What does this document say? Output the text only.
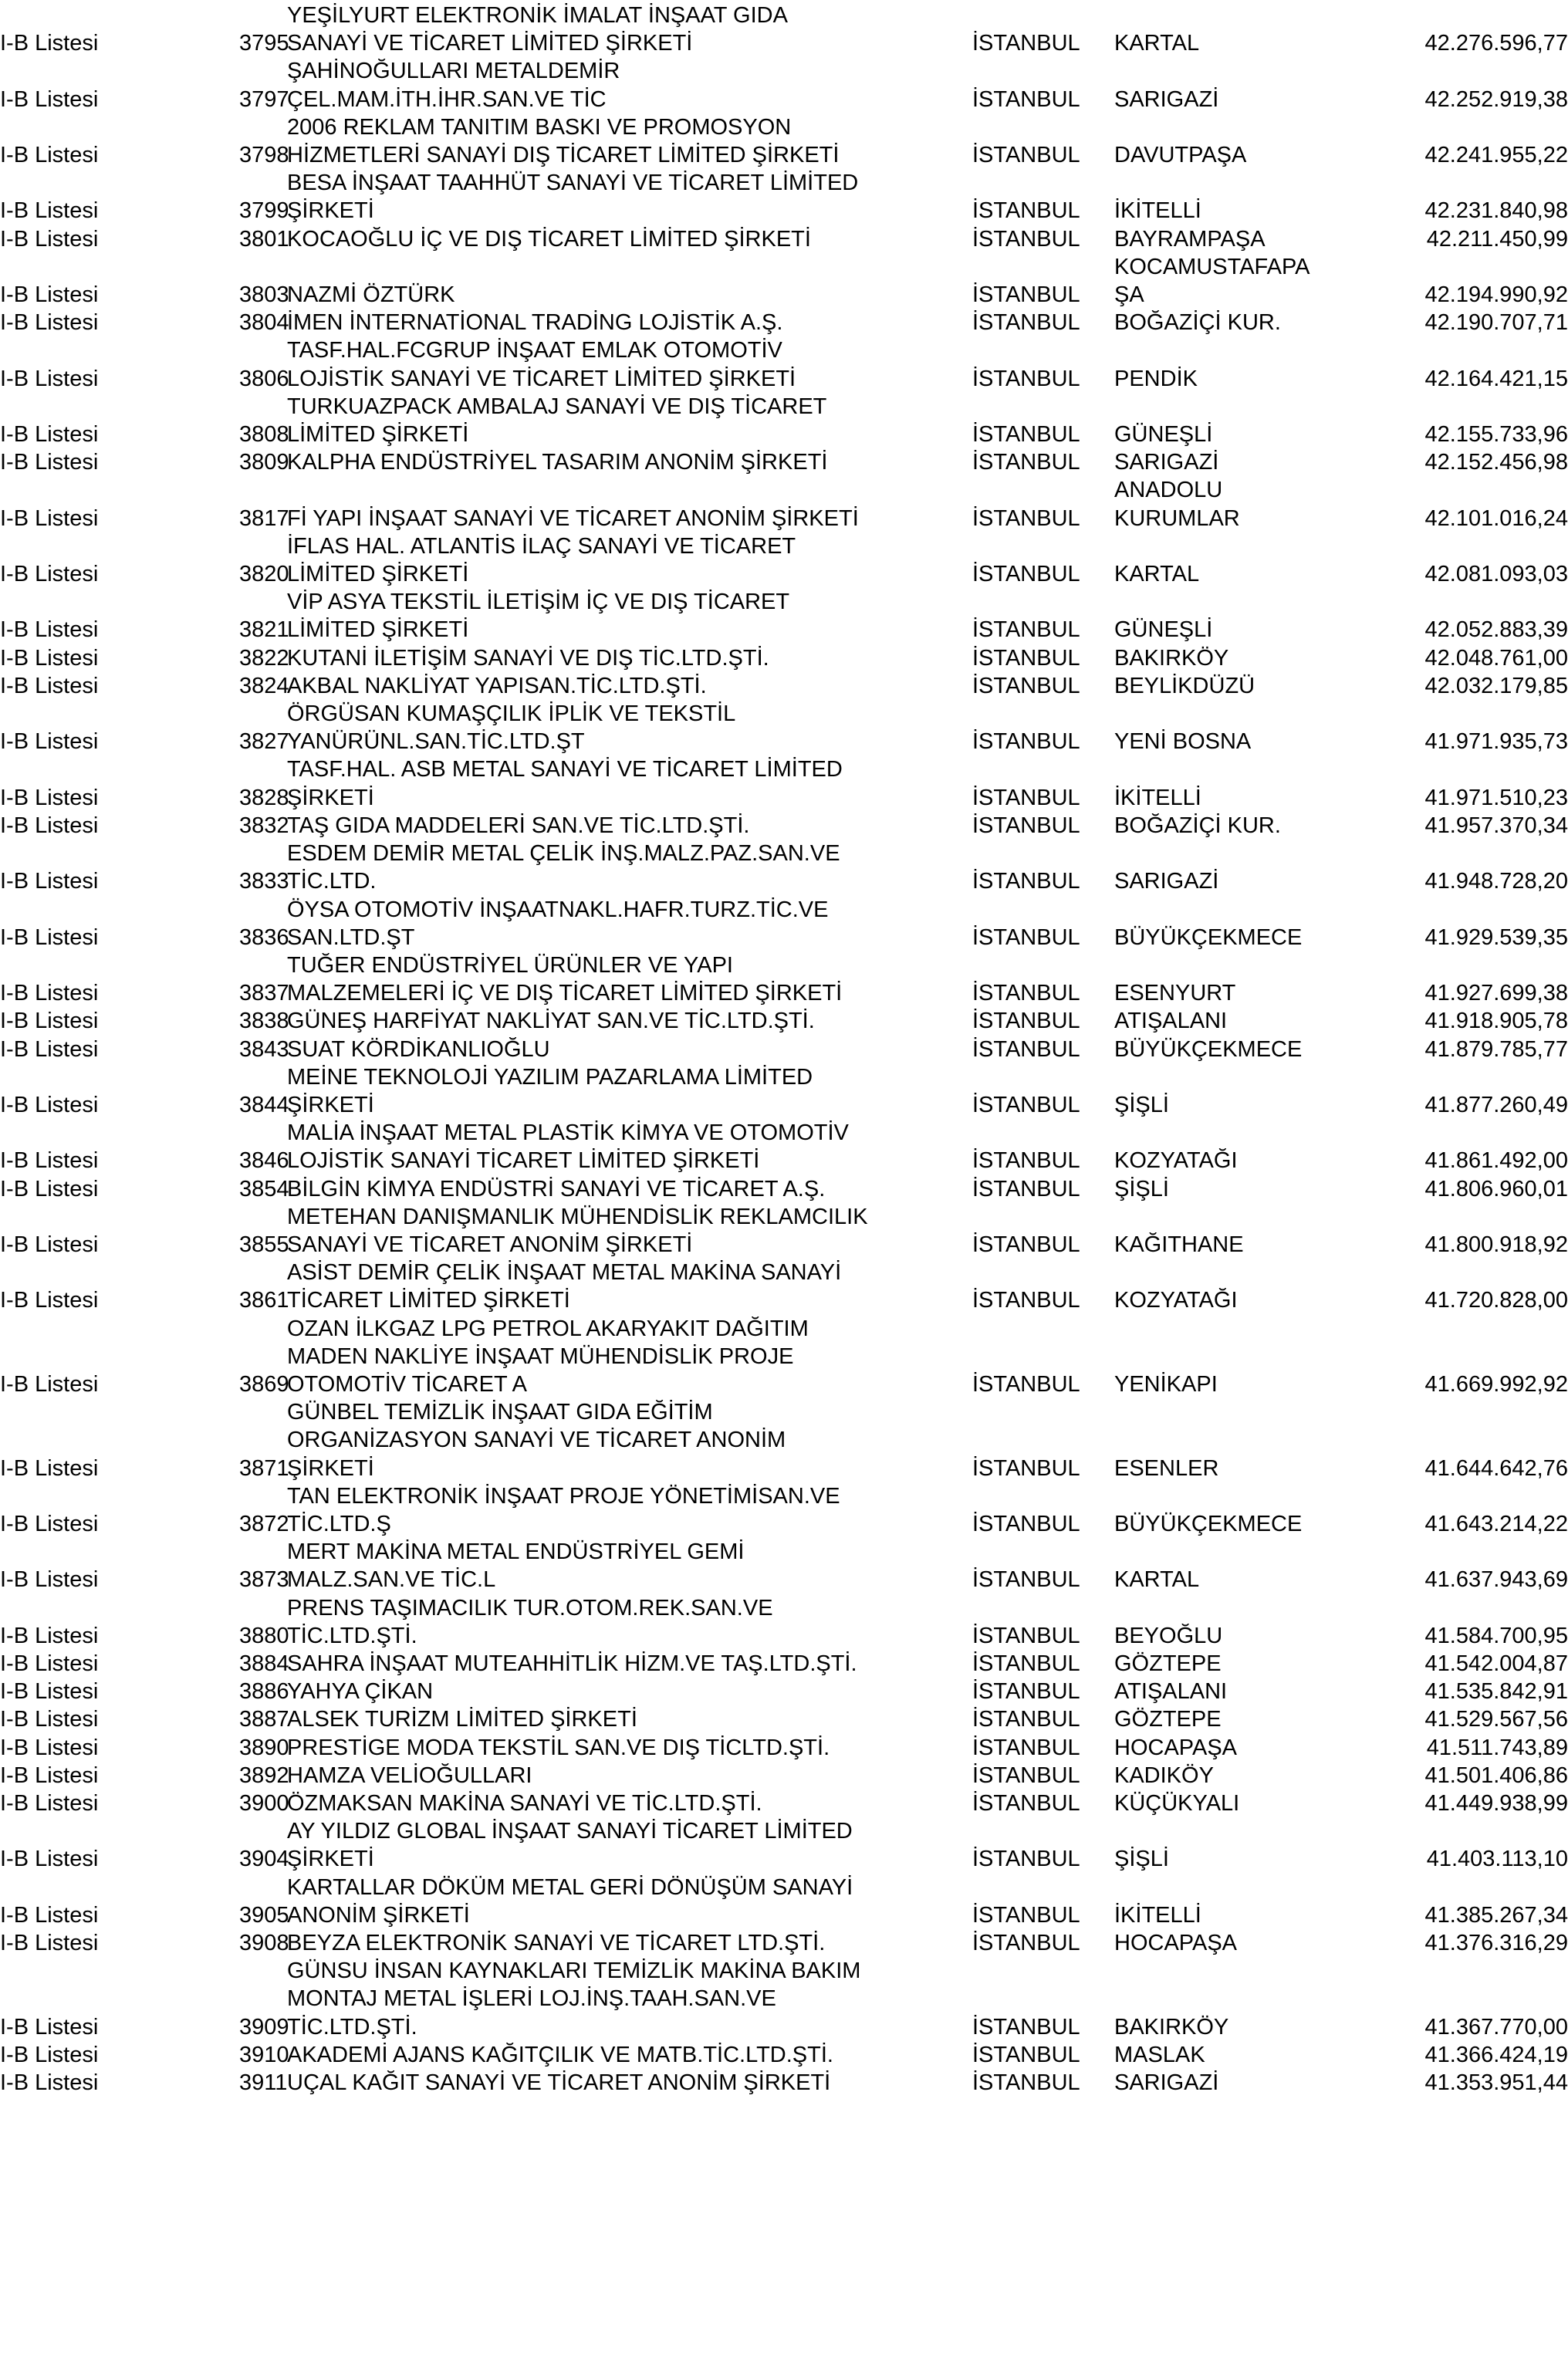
I-B Listesi	3795	YEŞİLYURT ELEKTRONİK İMALAT İNŞAAT GIDA
SANAYİ VE TİCARET LİMİTED ŞİRKETİ	İSTANBUL	KARTAL	42.276.596,77
I-B Listesi	3797	ŞAHİNOĞULLARI METALDEMİR
ÇEL.MAM.İTH.İHR.SAN.VE TİC	İSTANBUL	SARIGAZİ	42.252.919,38
I-B Listesi	3798	2006 REKLAM TANITIM BASKI VE PROMOSYON
HİZMETLERİ SANAYİ DIŞ TİCARET LİMİTED ŞİRKETİ	İSTANBUL	DAVUTPAŞA	42.241.955,22
I-B Listesi	3799	BESA İNŞAAT TAAHHÜT SANAYİ VE TİCARET LİMİTED
ŞİRKETİ	İSTANBUL	İKİTELLİ	42.231.840,98
I-B Listesi	3801	KOCAOĞLU İÇ VE DIŞ TİCARET LİMİTED ŞİRKETİ	İSTANBUL	BAYRAMPAŞA	42.211.450,99
I-B Listesi	3803	NAZMİ ÖZTÜRK	İSTANBUL	KOCAMUSTAFAPA
ŞA	42.194.990,92
I-B Listesi	3804	İMEN İNTERNATİONAL TRADİNG LOJİSTİK A.Ş.	İSTANBUL	BOĞAZİÇİ KUR.	42.190.707,71
I-B Listesi	3806	TASF.HAL.FCGRUP İNŞAAT EMLAK OTOMOTİV
LOJİSTİK SANAYİ VE TİCARET LİMİTED ŞİRKETİ	İSTANBUL	PENDİK	42.164.421,15
I-B Listesi	3808	TURKUAZPACK AMBALAJ SANAYİ VE DIŞ TİCARET
LİMİTED ŞİRKETİ	İSTANBUL	GÜNEŞLİ	42.155.733,96
I-B Listesi	3809	KALPHA ENDÜSTRİYEL TASARIM ANONİM ŞİRKETİ	İSTANBUL	SARIGAZİ	42.152.456,98
I-B Listesi	3817	Fİ YAPI İNŞAAT SANAYİ VE TİCARET ANONİM ŞİRKETİ	İSTANBUL	ANADOLU
KURUMLAR	42.101.016,24
I-B Listesi	3820	İFLAS HAL. ATLANTİS İLAÇ SANAYİ VE TİCARET
LİMİTED ŞİRKETİ	İSTANBUL	KARTAL	42.081.093,03
I-B Listesi	3821	VİP ASYA TEKSTİL İLETİŞİM İÇ VE DIŞ TİCARET
LİMİTED ŞİRKETİ	İSTANBUL	GÜNEŞLİ	42.052.883,39
I-B Listesi	3822	KUTANİ İLETİŞİM SANAYİ VE DIŞ TİC.LTD.ŞTİ.	İSTANBUL	BAKIRKÖY	42.048.761,00
I-B Listesi	3824	AKBAL NAKLİYAT YAPISAN.TİC.LTD.ŞTİ.	İSTANBUL	BEYLİKDÜZÜ	42.032.179,85
I-B Listesi	3827	ÖRGÜSAN KUMAŞÇILIK İPLİK VE TEKSTİL
YANÜRÜNL.SAN.TİC.LTD.ŞT	İSTANBUL	YENİ BOSNA	41.971.935,73
I-B Listesi	3828	TASF.HAL. ASB METAL SANAYİ VE TİCARET LİMİTED
ŞİRKETİ	İSTANBUL	İKİTELLİ	41.971.510,23
I-B Listesi	3832	TAŞ GIDA MADDELERİ SAN.VE TİC.LTD.ŞTİ.	İSTANBUL	BOĞAZİÇİ KUR.	41.957.370,34
I-B Listesi	3833	ESDEM DEMİR METAL ÇELİK İNŞ.MALZ.PAZ.SAN.VE
TİC.LTD.	İSTANBUL	SARIGAZİ	41.948.728,20
I-B Listesi	3836	ÖYSA OTOMOTİV İNŞAATNAKL.HAFR.TURZ.TİC.VE
SAN.LTD.ŞT	İSTANBUL	BÜYÜKÇEKMECE	41.929.539,35
I-B Listesi	3837	TUĞER ENDÜSTRİYEL ÜRÜNLER VE YAPI
MALZEMELERİ İÇ VE DIŞ TİCARET LİMİTED ŞİRKETİ	İSTANBUL	ESENYURT	41.927.699,38
I-B Listesi	3838	GÜNEŞ HARFİYAT NAKLİYAT SAN.VE TİC.LTD.ŞTİ.	İSTANBUL	ATIŞALANI	41.918.905,78
I-B Listesi	3843	SUAT KÖRDİKANLIOĞLU	İSTANBUL	BÜYÜKÇEKMECE	41.879.785,77
I-B Listesi	3844	MEİNE TEKNOLOJİ YAZILIM PAZARLAMA LİMİTED
ŞİRKETİ	İSTANBUL	ŞİŞLİ	41.877.260,49
I-B Listesi	3846	MALİA İNŞAAT METAL PLASTİK KİMYA VE OTOMOTİV
LOJİSTİK SANAYİ TİCARET LİMİTED ŞİRKETİ	İSTANBUL	KOZYATAĞI	41.861.492,00
I-B Listesi	3854	BİLGİN KİMYA ENDÜSTRİ SANAYİ VE TİCARET A.Ş.	İSTANBUL	ŞİŞLİ	41.806.960,01
I-B Listesi	3855	METEHAN DANIŞMANLIK MÜHENDİSLİK REKLAMCILIK
SANAYİ VE TİCARET ANONİM ŞİRKETİ	İSTANBUL	KAĞITHANE	41.800.918,92
I-B Listesi	3861	ASİST DEMİR ÇELİK İNŞAAT METAL MAKİNA SANAYİ
TİCARET LİMİTED ŞİRKETİ	İSTANBUL	KOZYATAĞI	41.720.828,00
I-B Listesi	3869	OZAN İLKGAZ LPG PETROL AKARYAKIT DAĞITIM
MADEN NAKLİYE İNŞAAT MÜHENDİSLİK PROJE
OTOMOTİV TİCARET A	İSTANBUL	YENİKAPI	41.669.992,92
I-B Listesi	3871	GÜNBEL TEMİZLİK İNŞAAT GIDA EĞİTİM
ORGANİZASYON SANAYİ VE TİCARET ANONİM
ŞİRKETİ	İSTANBUL	ESENLER	41.644.642,76
I-B Listesi	3872	TAN ELEKTRONİK İNŞAAT PROJE YÖNETİMİSAN.VE
TİC.LTD.Ş	İSTANBUL	BÜYÜKÇEKMECE	41.643.214,22
I-B Listesi	3873	MERT MAKİNA METAL ENDÜSTRİYEL GEMİ
MALZ.SAN.VE TİC.L	İSTANBUL	KARTAL	41.637.943,69
I-B Listesi	3880	PRENS TAŞIMACILIK TUR.OTOM.REK.SAN.VE
TİC.LTD.ŞTİ.	İSTANBUL	BEYOĞLU	41.584.700,95
I-B Listesi	3884	SAHRA İNŞAAT MUTEAHHİTLİK HİZM.VE TAŞ.LTD.ŞTİ.	İSTANBUL	GÖZTEPE	41.542.004,87
I-B Listesi	3886	YAHYA ÇİKAN	İSTANBUL	ATIŞALANI	41.535.842,91
I-B Listesi	3887	ALSEK TURİZM LİMİTED ŞİRKETİ	İSTANBUL	GÖZTEPE	41.529.567,56
I-B Listesi	3890	PRESTİGE MODA TEKSTİL SAN.VE DIŞ TİCLTD.ŞTİ.	İSTANBUL	HOCAPAŞA	41.511.743,89
I-B Listesi	3892	HAMZA VELİOĞULLARI	İSTANBUL	KADIKÖY	41.501.406,86
I-B Listesi	3900	ÖZMAKSAN MAKİNA SANAYİ VE TİC.LTD.ŞTİ.	İSTANBUL	KÜÇÜKYALI	41.449.938,99
I-B Listesi	3904	AY YILDIZ GLOBAL İNŞAAT SANAYİ TİCARET LİMİTED
ŞİRKETİ	İSTANBUL	ŞİŞLİ	41.403.113,10
I-B Listesi	3905	KARTALLAR DÖKÜM METAL GERİ DÖNÜŞÜM SANAYİ
ANONİM ŞİRKETİ	İSTANBUL	İKİTELLİ	41.385.267,34
I-B Listesi	3908	BEYZA ELEKTRONİK SANAYİ VE TİCARET LTD.ŞTİ.	İSTANBUL	HOCAPAŞA	41.376.316,29
I-B Listesi	3909	GÜNSU İNSAN KAYNAKLARI TEMİZLİK MAKİNA BAKIM
MONTAJ METAL İŞLERİ LOJ.İNŞ.TAAH.SAN.VE
TİC.LTD.ŞTİ.	İSTANBUL	BAKIRKÖY	41.367.770,00
I-B Listesi	3910	AKADEMİ AJANS KAĞITÇILIK VE MATB.TİC.LTD.ŞTİ.	İSTANBUL	MASLAK	41.366.424,19
I-B Listesi	3911	UÇAL KAĞIT SANAYİ VE TİCARET ANONİM ŞİRKETİ	İSTANBUL	SARIGAZİ	41.353.951,44
